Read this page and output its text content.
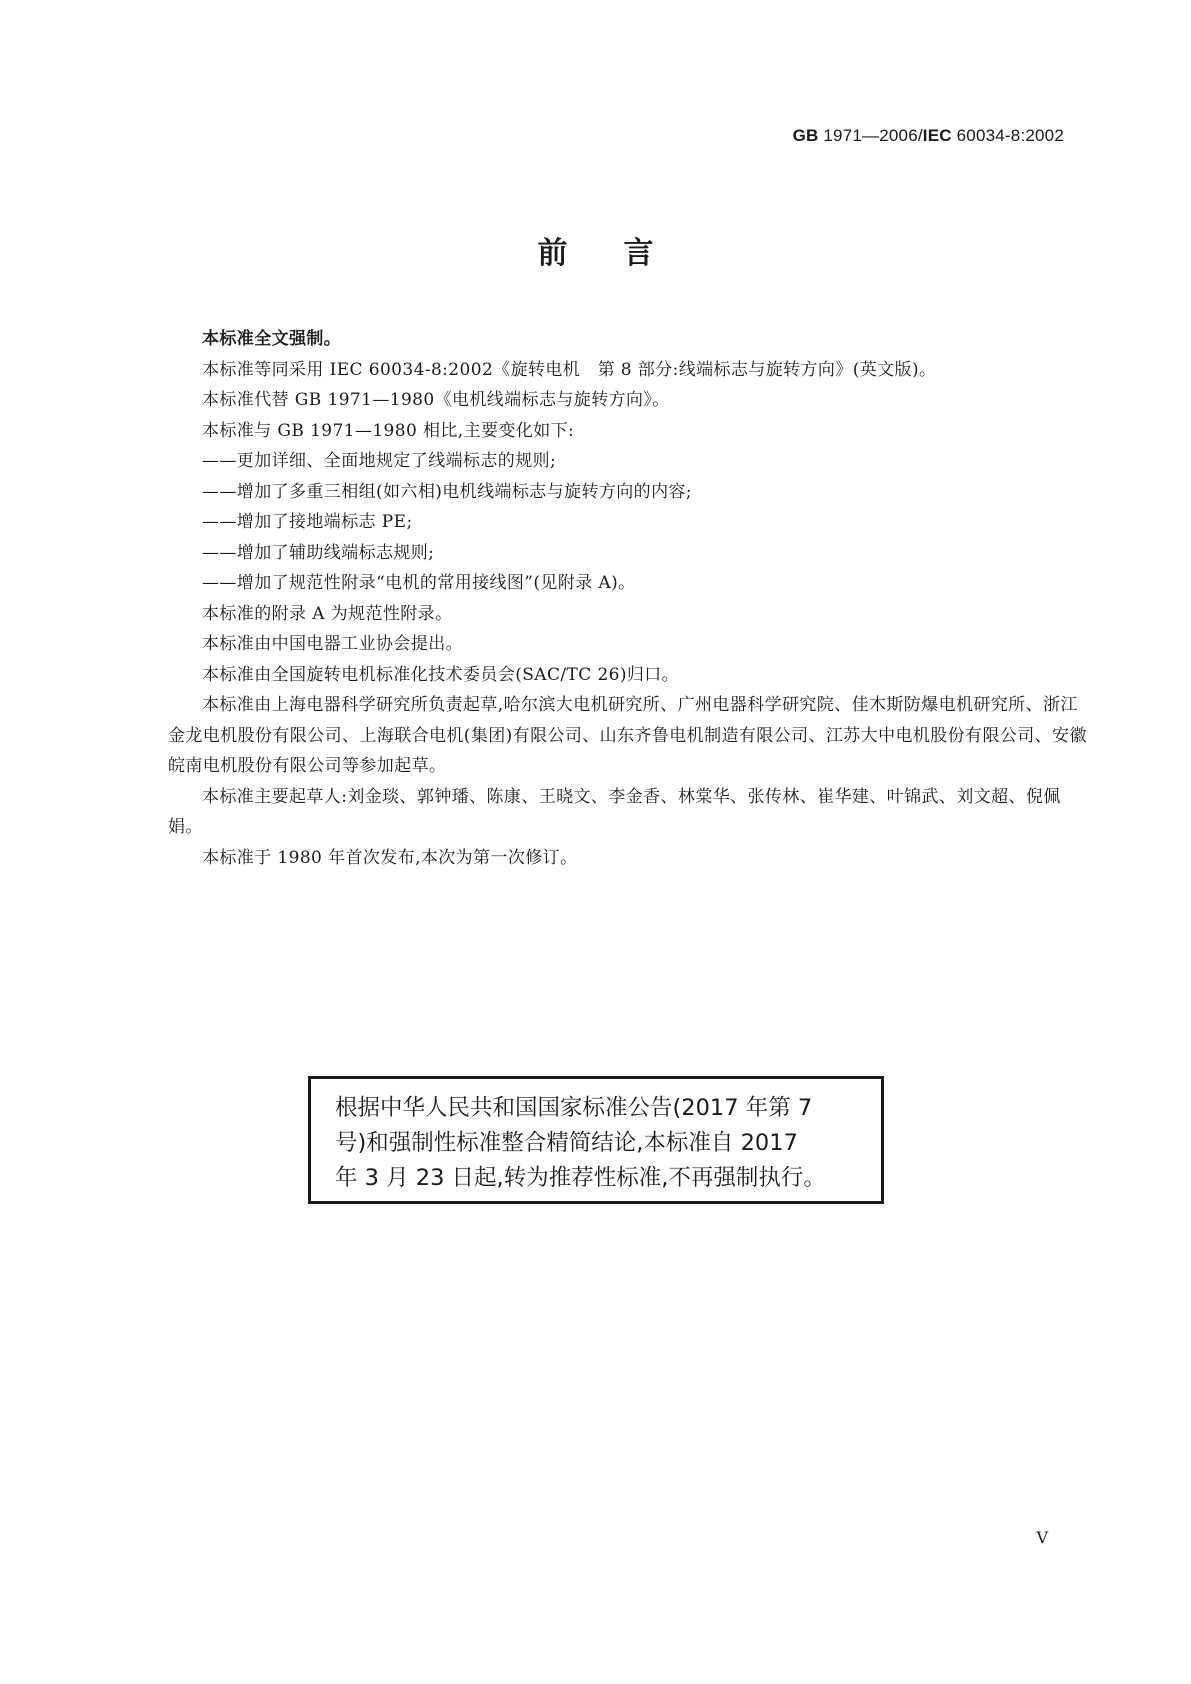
GB 1971—2006/IEC 60034-8:2002
前言

本标准全文强制。

本标准等同采用 IEC 60034-8:2002《旋转电机　第 8 部分:线端标志与旋转方向》(英文版)。

本标准代替 GB 1971—1980《电机线端标志与旋转方向》。

本标准与 GB 1971—1980 相比,主要变化如下:

——更加详细、全面地规定了线端标志的规则;

——增加了多重三相组(如六相)电机线端标志与旋转方向的内容;

——增加了接地端标志 PE;

——增加了辅助线端标志规则;

——增加了规范性附录“电机的常用接线图”(见附录 A)。

本标准的附录 A 为规范性附录。

本标准由中国电器工业协会提出。

本标准由全国旋转电机标准化技术委员会(SAC/TC 26)归口。

本标准由上海电器科学研究所负责起草,哈尔滨大电机研究所、广州电器科学研究院、佳木斯防爆电机研究所、浙江金龙电机股份有限公司、上海联合电机(集团)有限公司、山东齐鲁电机制造有限公司、江苏大中电机股份有限公司、安徽皖南电机股份有限公司等参加起草。

本标准主要起草人:刘金琰、郭钟璠、陈康、王晓文、李金香、林棠华、张传林、崔华建、叶锦武、刘文超、倪佩娟。

本标准于 1980 年首次发布,本次为第一次修订。

根据中华人民共和国国家标准公告(2017 年第 7

号)和强制性标准整合精简结论,本标准自 2017

年 3 月 23 日起,转为推荐性标准,不再强制执行。

V
